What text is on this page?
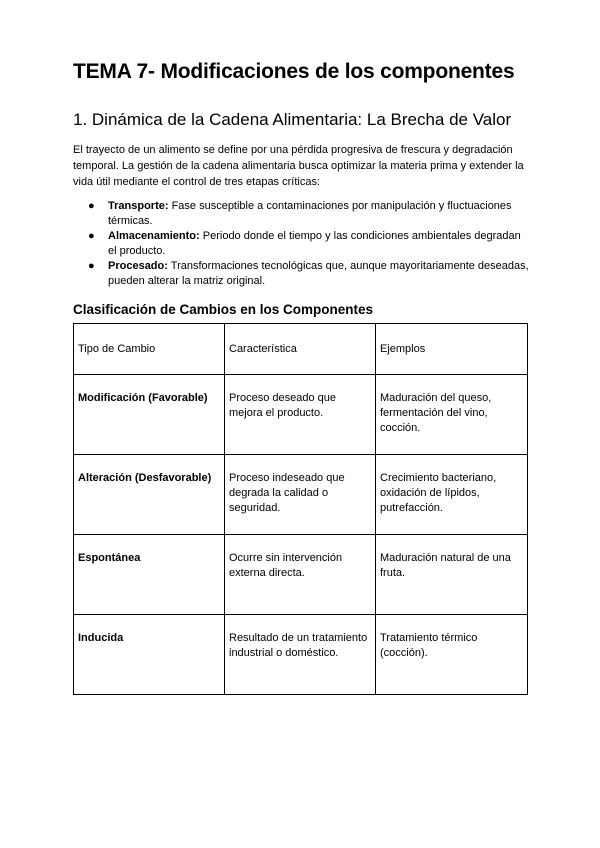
TEMA 7- Modificaciones de los componentes
1. Dinámica de la Cadena Alimentaria: La Brecha de Valor

El trayecto de un alimento se define por una pérdida progresiva de frescura y degradación temporal. La gestión de la cadena alimentaria busca optimizar la materia prima y extender la vida útil mediante el control de tres etapas críticas:

● Transporte: Fase susceptible a contaminaciones por manipulación y fluctuaciones térmicas.
● Almacenamiento: Periodo donde el tiempo y las condiciones ambientales degradan el producto.
● Procesado: Transformaciones tecnológicas que, aunque mayoritariamente deseadas, pueden alterar la matriz original.
Clasificación de Cambios en los Componentes
Tipo de Cambio	Característica	Ejemplos
Modificación (Favorable)	Proceso deseado que mejora el producto.	Maduración del queso, fermentación del vino, cocción.
Alteración (Desfavorable)	Proceso indeseado que degrada la calidad o seguridad.	Crecimiento bacteriano, oxidación de lípidos, putrefacción.
Espontánea	Ocurre sin intervención externa directa.	Maduración natural de una fruta.
Inducida	Resultado de un tratamiento industrial o doméstico.	Tratamiento térmico (cocción).
